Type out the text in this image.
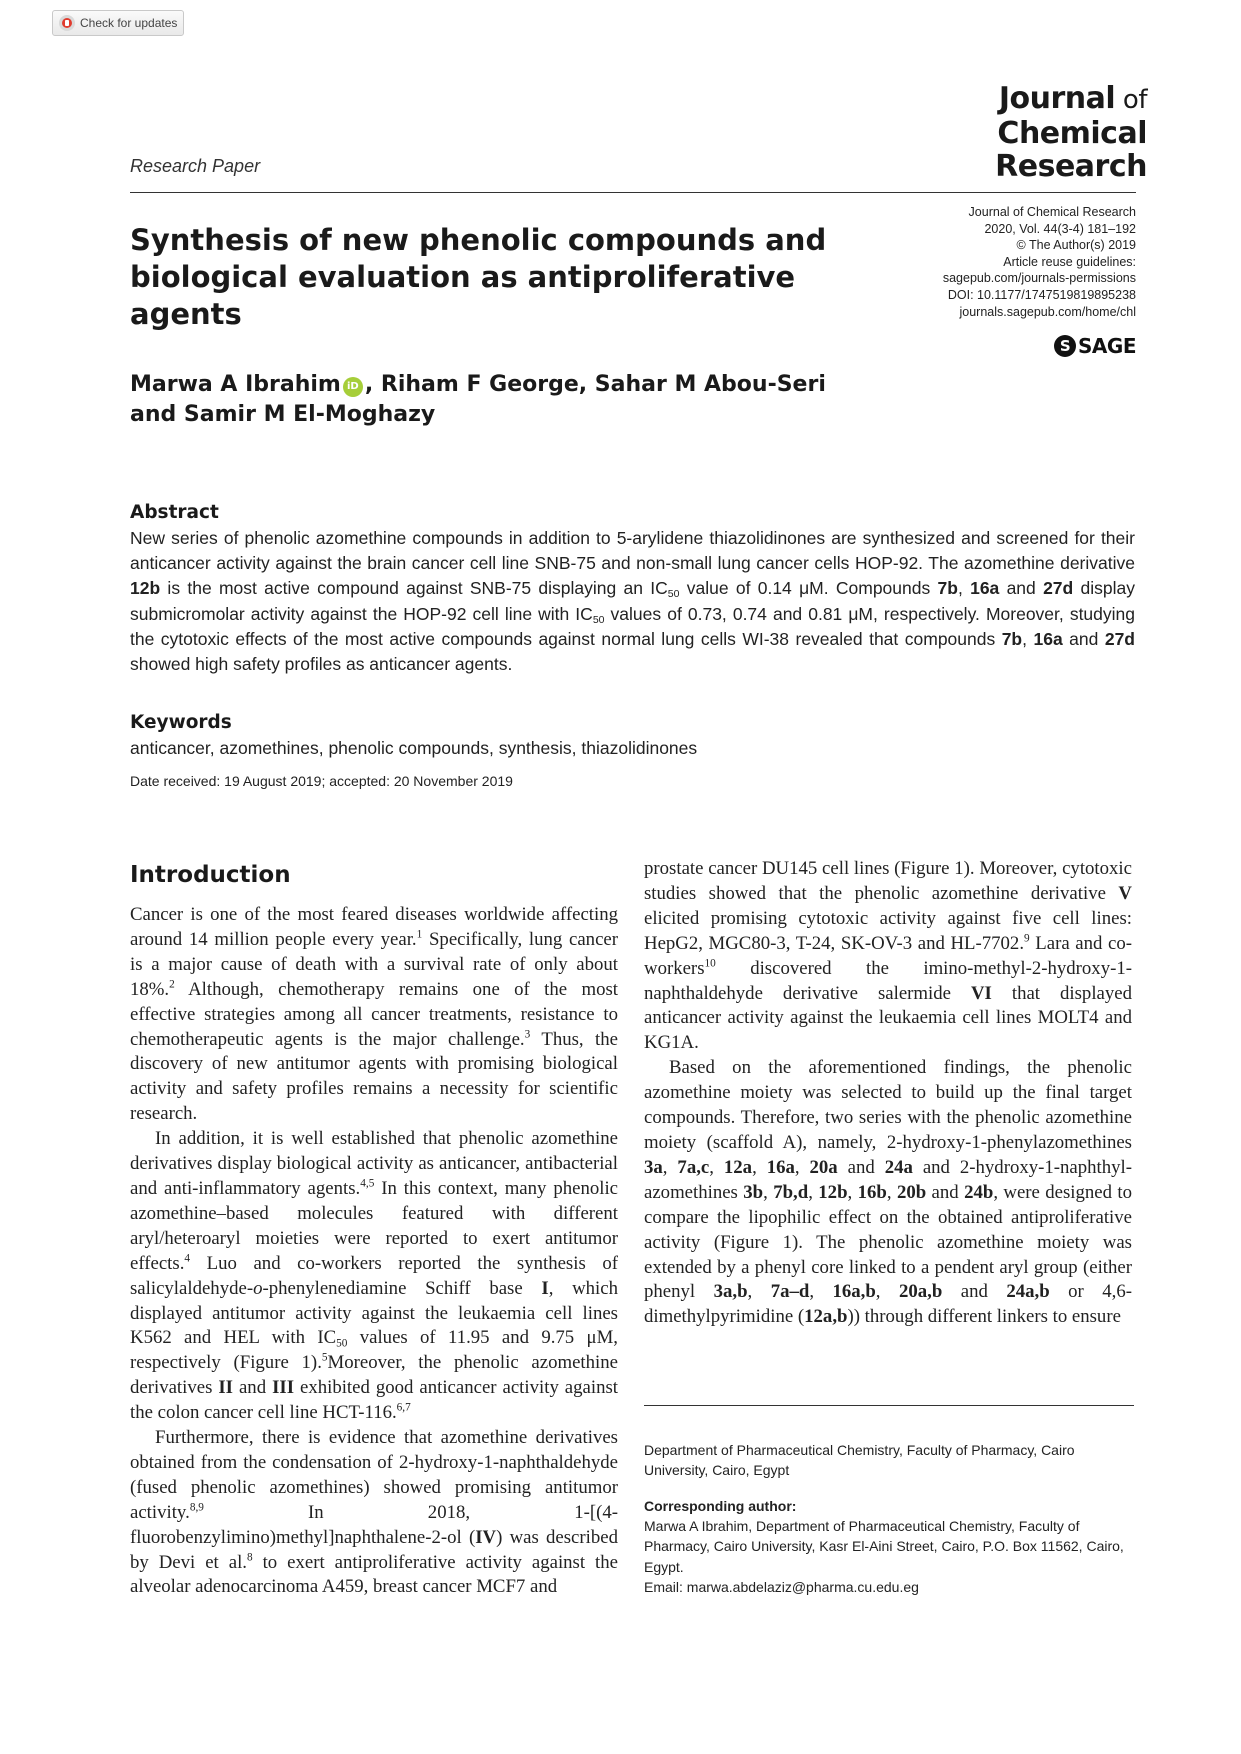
Check for updates
Journal of
Chemical
Research
Research Paper
Synthesis of new phenolic compounds and biological evaluation as antiproliferative agents
Journal of Chemical Research
2020, Vol. 44(3-4) 181–192
© The Author(s) 2019
Article reuse guidelines:
sagepub.com/journals-permissions
DOI: 10.1177/1747519819895238
journals.sagepub.com/home/chl
S SAGE
Marwa A Ibrahim iD , Riham F George, Sahar M Abou-Seri and Samir M El-Moghazy
Abstract
New series of phenolic azomethine compounds in addition to 5-arylidene thiazolidinones are synthesized and screened for their anticancer activity against the brain cancer cell line SNB-75 and non-small lung cancer cells HOP-92. The azomethine derivative 12b is the most active compound against SNB-75 displaying an $IC_{50}$ value of 0.14 μM. Compounds 7b, 16a and 27d display submicromolar activity against the HOP-92 cell line with $IC_{50}$ values of 0.73, 0.74 and 0.81 μM, respectively. Moreover, studying the cytotoxic effects of the most active compounds against normal lung cells WI-38 revealed that compounds 7b, 16a and 27d showed high safety profiles as anticancer agents.
Keywords
anticancer, azomethines, phenolic compounds, synthesis, thiazolidinones
Date received: 19 August 2019; accepted: 20 November 2019
Introduction

Cancer is one of the most feared diseases worldwide affecting around 14 million people every year.$^1$ Specifically, lung cancer is a major cause of death with a survival rate of only about 18%.$^2$ Although, chemotherapy remains one of the most effective strategies among all cancer treatments, resistance to chemotherapeutic agents is the major challenge.$^3$ Thus, the discovery of new antitumor agents with promising biological activity and safety profiles remains a necessity for scientific research.

In addition, it is well established that phenolic azomethine derivatives display biological activity as anticancer, antibacterial and anti-inflammatory agents.$^{4,5}$ In this context, many phenolic azomethine–based molecules featured with different aryl/heteroaryl moieties were reported to exert antitumor effects.$^4$ Luo and co-workers reported the synthesis of salicylaldehyde-o-phenylenediamine Schiff base I, which displayed antitumor activity against the leukaemia cell lines K562 and HEL with $IC_{50}$ values of 11.95 and 9.75 μM, respectively (Figure 1).$^5$Moreover, the phenolic azomethine derivatives II and III exhibited good anticancer activity against the colon cancer cell line HCT-116.$^{6,7}$

Furthermore, there is evidence that azomethine derivatives obtained from the condensation of 2-hydroxy-1-naphthaldehyde (fused phenolic azomethines) showed promising antitumor activity.$^{8,9}$ In 2018, 1-[(4-fluorobenzylimino)methyl]naphthalene-2-ol (IV) was described by Devi et al.$^8$ to exert antiproliferative activity against the alveolar adenocarcinoma A459, breast cancer MCF7 and

prostate cancer DU145 cell lines (Figure 1). Moreover, cytotoxic studies showed that the phenolic azomethine derivative V elicited promising cytotoxic activity against five cell lines: HepG2, MGC80-3, T-24, SK-OV-3 and HL-7702.$^9$ Lara and co-workers$^{10}$ discovered the imino-methyl-2-hydroxy-1-naphthaldehyde derivative salermide VI that displayed anticancer activity against the leukaemia cell lines MOLT4 and KG1A.

Based on the aforementioned findings, the phenolic azomethine moiety was selected to build up the final target compounds. Therefore, two series with the phenolic azomethine moiety (scaffold A), namely, 2-hydroxy-1-phenylazomethines 3a, 7a,c, 12a, 16a, 20a and 24a and 2-hydroxy-1-naphthyl-azomethines 3b, 7b,d, 12b, 16b, 20b and 24b, were designed to compare the lipophilic effect on the obtained antiproliferative activity (Figure 1). The phenolic azomethine moiety was extended by a phenyl core linked to a pendent aryl group (either phenyl 3a,b, 7a–d, 16a,b, 20a,b and 24a,b or 4,6-dimethylpyrimidine (12a,b)) through different linkers to ensure

Department of Pharmaceutical Chemistry, Faculty of Pharmacy, Cairo University, Cairo, Egypt
Corresponding author:
Marwa A Ibrahim, Department of Pharmaceutical Chemistry, Faculty of Pharmacy, Cairo University, Kasr El-Aini Street, Cairo, P.O. Box 11562, Cairo, Egypt.
Email: marwa.abdelaziz@pharma.cu.edu.eg
